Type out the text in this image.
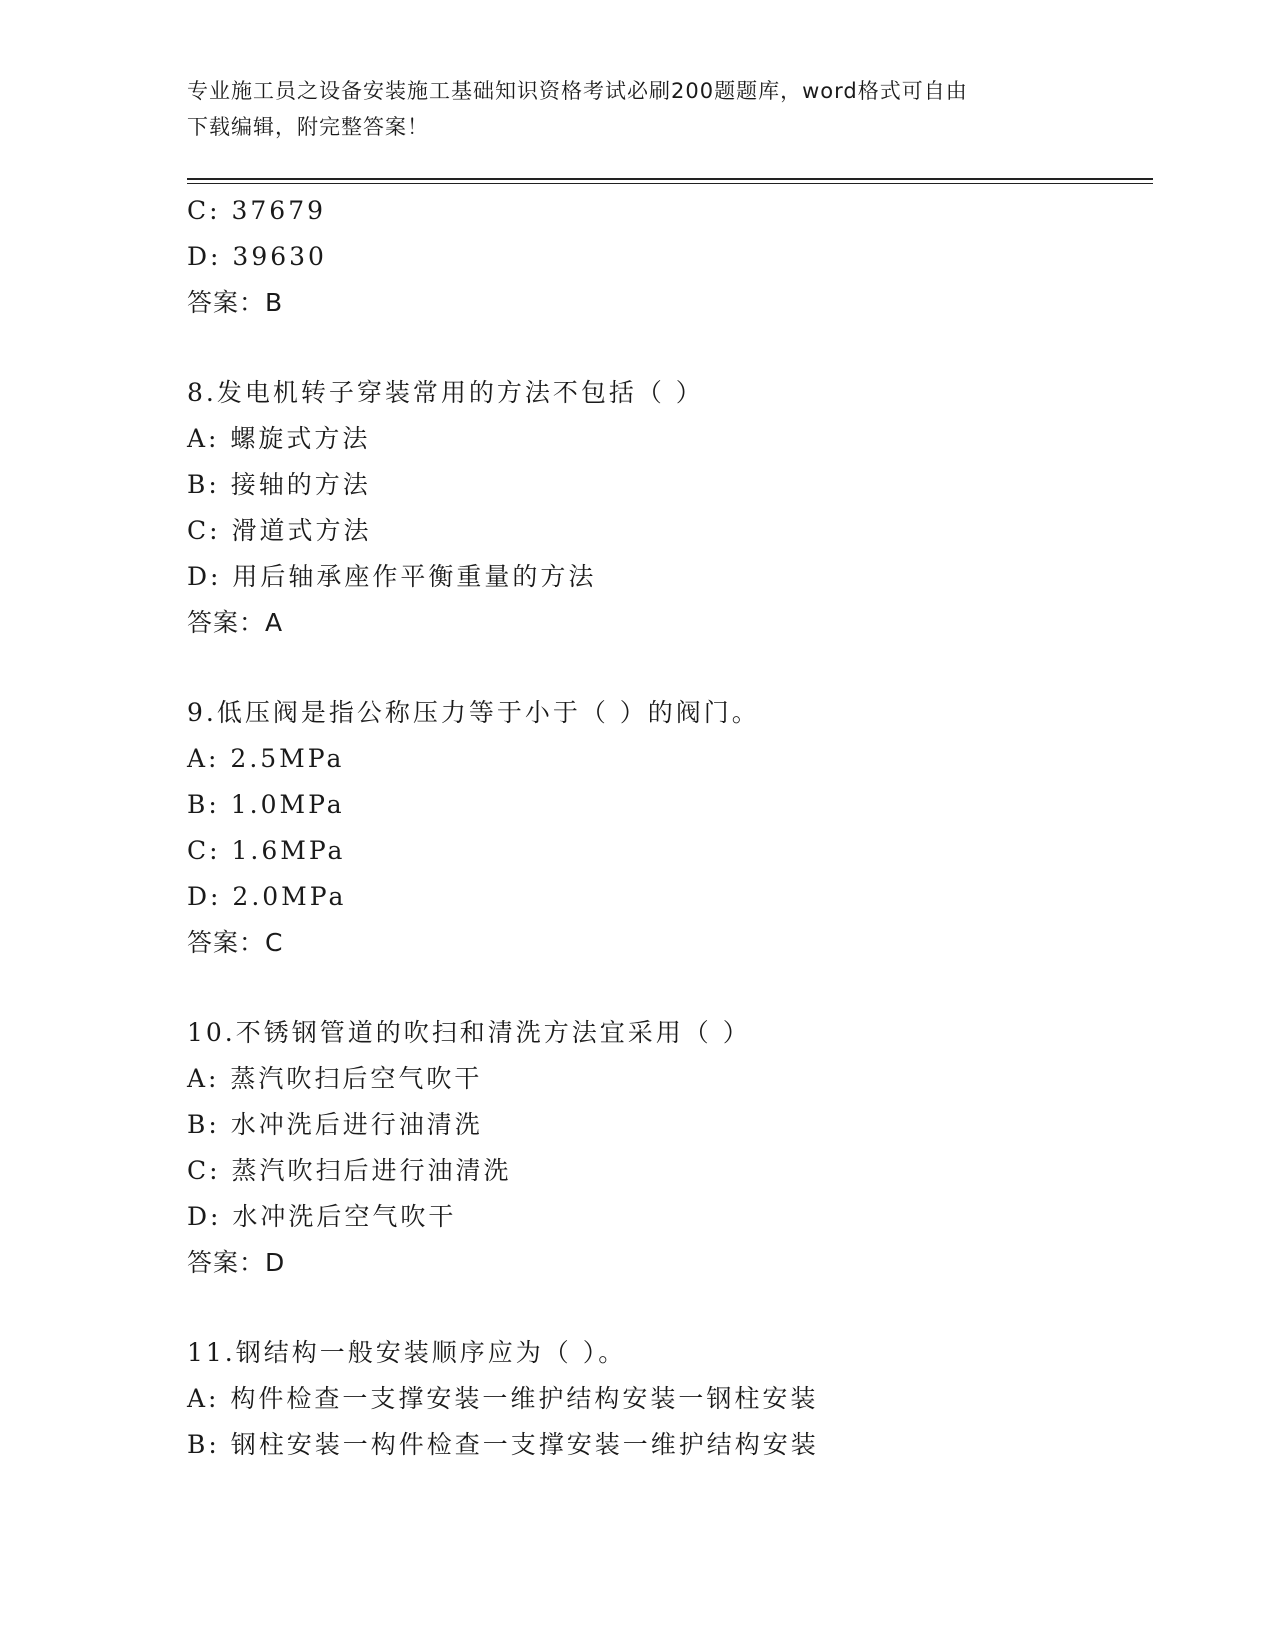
专业施工员之设备安装施工基础知识资格考试必刷200题题库，word格式可自由
下载编辑，附完整答案！
C: 37679
D: 39630
答案：B
8.发电机转子穿装常用的方法不包括（ ）
A: 螺旋式方法
B: 接轴的方法
C: 滑道式方法
D: 用后轴承座作平衡重量的方法
答案：A
9.低压阀是指公称压力等于小于（ ）的阀门。
A: 2.5MPa
B: 1.0MPa
C: 1.6MPa
D: 2.0MPa
答案：C
10.不锈钢管道的吹扫和清洗方法宜采用（ ）
A: 蒸汽吹扫后空气吹干
B: 水冲洗后进行油清洗
C: 蒸汽吹扫后进行油清洗
D: 水冲洗后空气吹干
答案：D
11.钢结构一般安装顺序应为（ ）。
A: 构件检查一支撑安装一维护结构安装一钢柱安装
B: 钢柱安装一构件检查一支撑安装一维护结构安装
